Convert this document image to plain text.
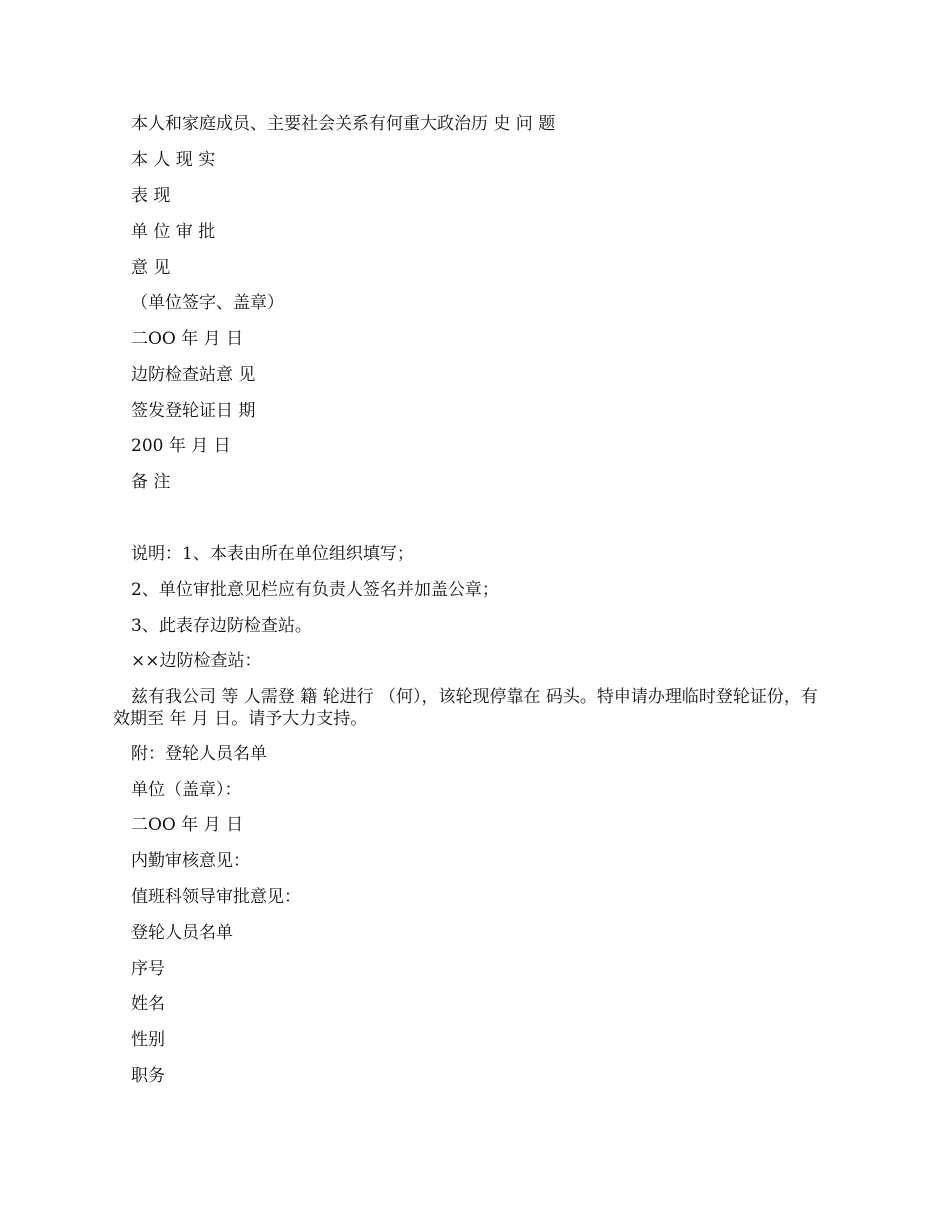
本人和家庭成员、主要社会关系有何重大政治历 史 问 题

本 人 现 实

表 现

单 位 审 批

意 见

（单位签字、盖章）

二OO 年 月 日

边防检查站意 见

签发登轮证日 期

200 年 月 日

备 注

说明：1、本表由所在单位组织填写；

2、单位审批意见栏应有负责人签名并加盖公章；

3、此表存边防检查站。

××边防检查站：

兹有我公司 等 人需登 籍 轮进行 （何），该轮现停靠在 码头。特申请办理临时登轮证份，有效期至 年 月 日。请予大力支持。

附：登轮人员名单

单位（盖章）：

二OO 年 月 日

内勤审核意见：

值班科领导审批意见：

登轮人员名单

序号

姓名

性别

职务
